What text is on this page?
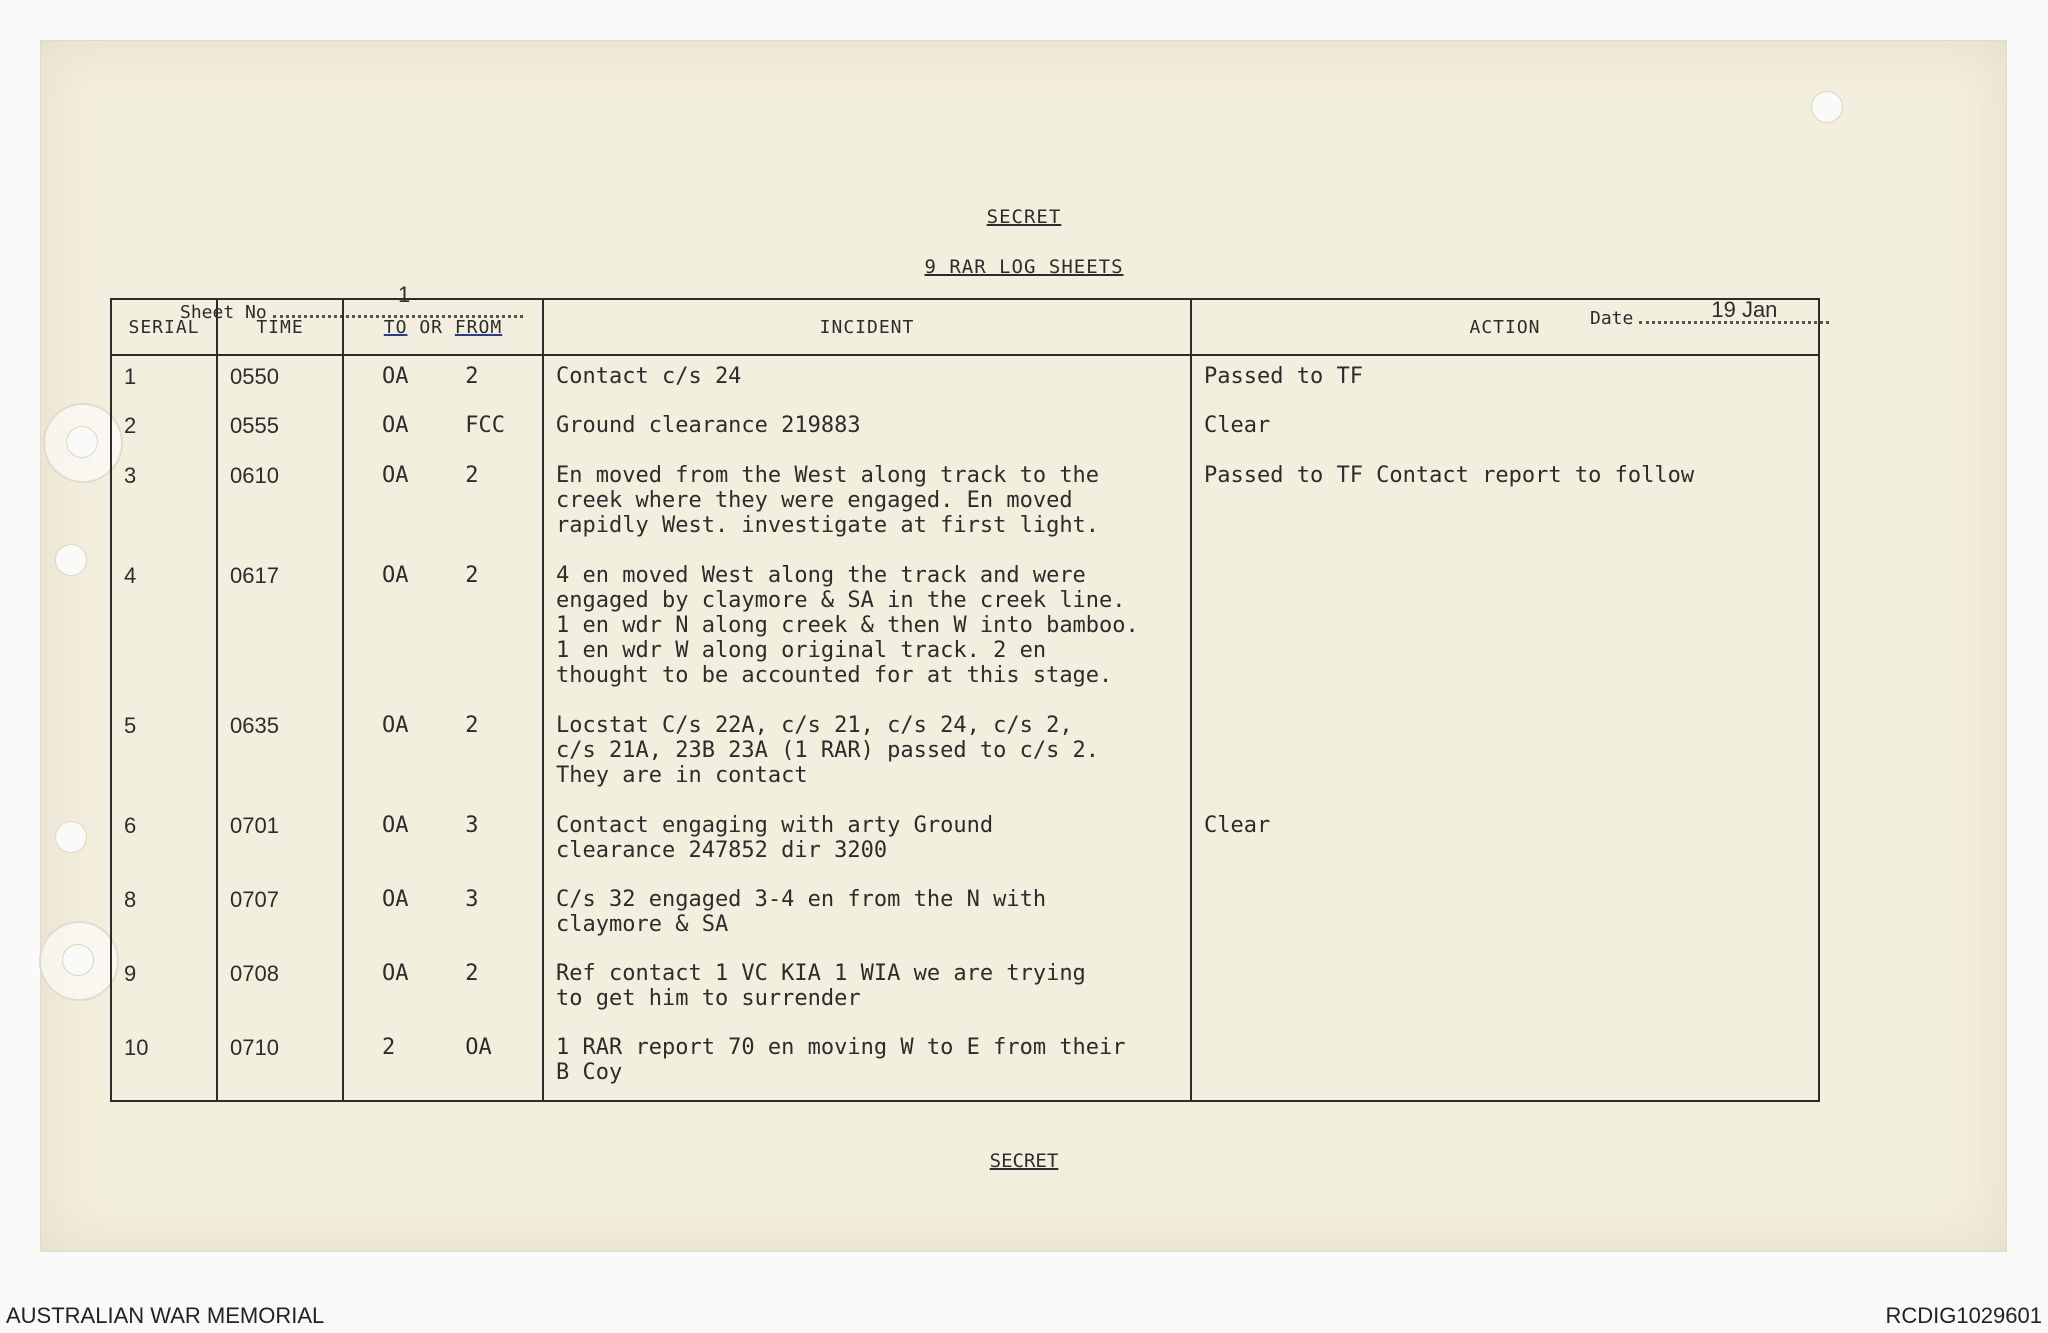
SECRET
9 RAR LOG SHEETS
Sheet No
1
Date	19 Jan
SERIAL	TIME	TO OR FROM	INCIDENT	ACTION
1	0550	OA 2	Contact c/s 24	Passed to TF
2	0555	OA FCC	Ground clearance 219883	Clear
3	0610	OA 2	En moved from the West along track to the
creek where they were engaged. En moved
rapidly West. investigate at first light.	Passed to TF Contact report to follow
4	0617	OA 2	4 en moved West along the track and were
engaged by claymore & SA in the creek line.
1 en wdr N along creek & then W into bamboo.
1 en wdr W along original track. 2 en
thought to be accounted for at this stage.	
5	0635	OA 2	Locstat C/s 22A, c/s 21, c/s 24, c/s 2,
c/s 21A, 23B 23A (1 RAR) passed to c/s 2.
They are in contact	
6	0701	OA 3	Contact engaging with arty Ground
clearance 247852 dir 3200	Clear
8	0707	OA 3	C/s 32 engaged 3-4 en from the N with
claymore & SA	
9	0708	OA 2	Ref contact 1 VC KIA 1 WIA we are trying
to get him to surrender	
10	0710	2 OA	1 RAR report 70 en moving W to E from their
B Coy	
SECRET
AUSTRALIAN WAR MEMORIAL	RCDIG1029601
